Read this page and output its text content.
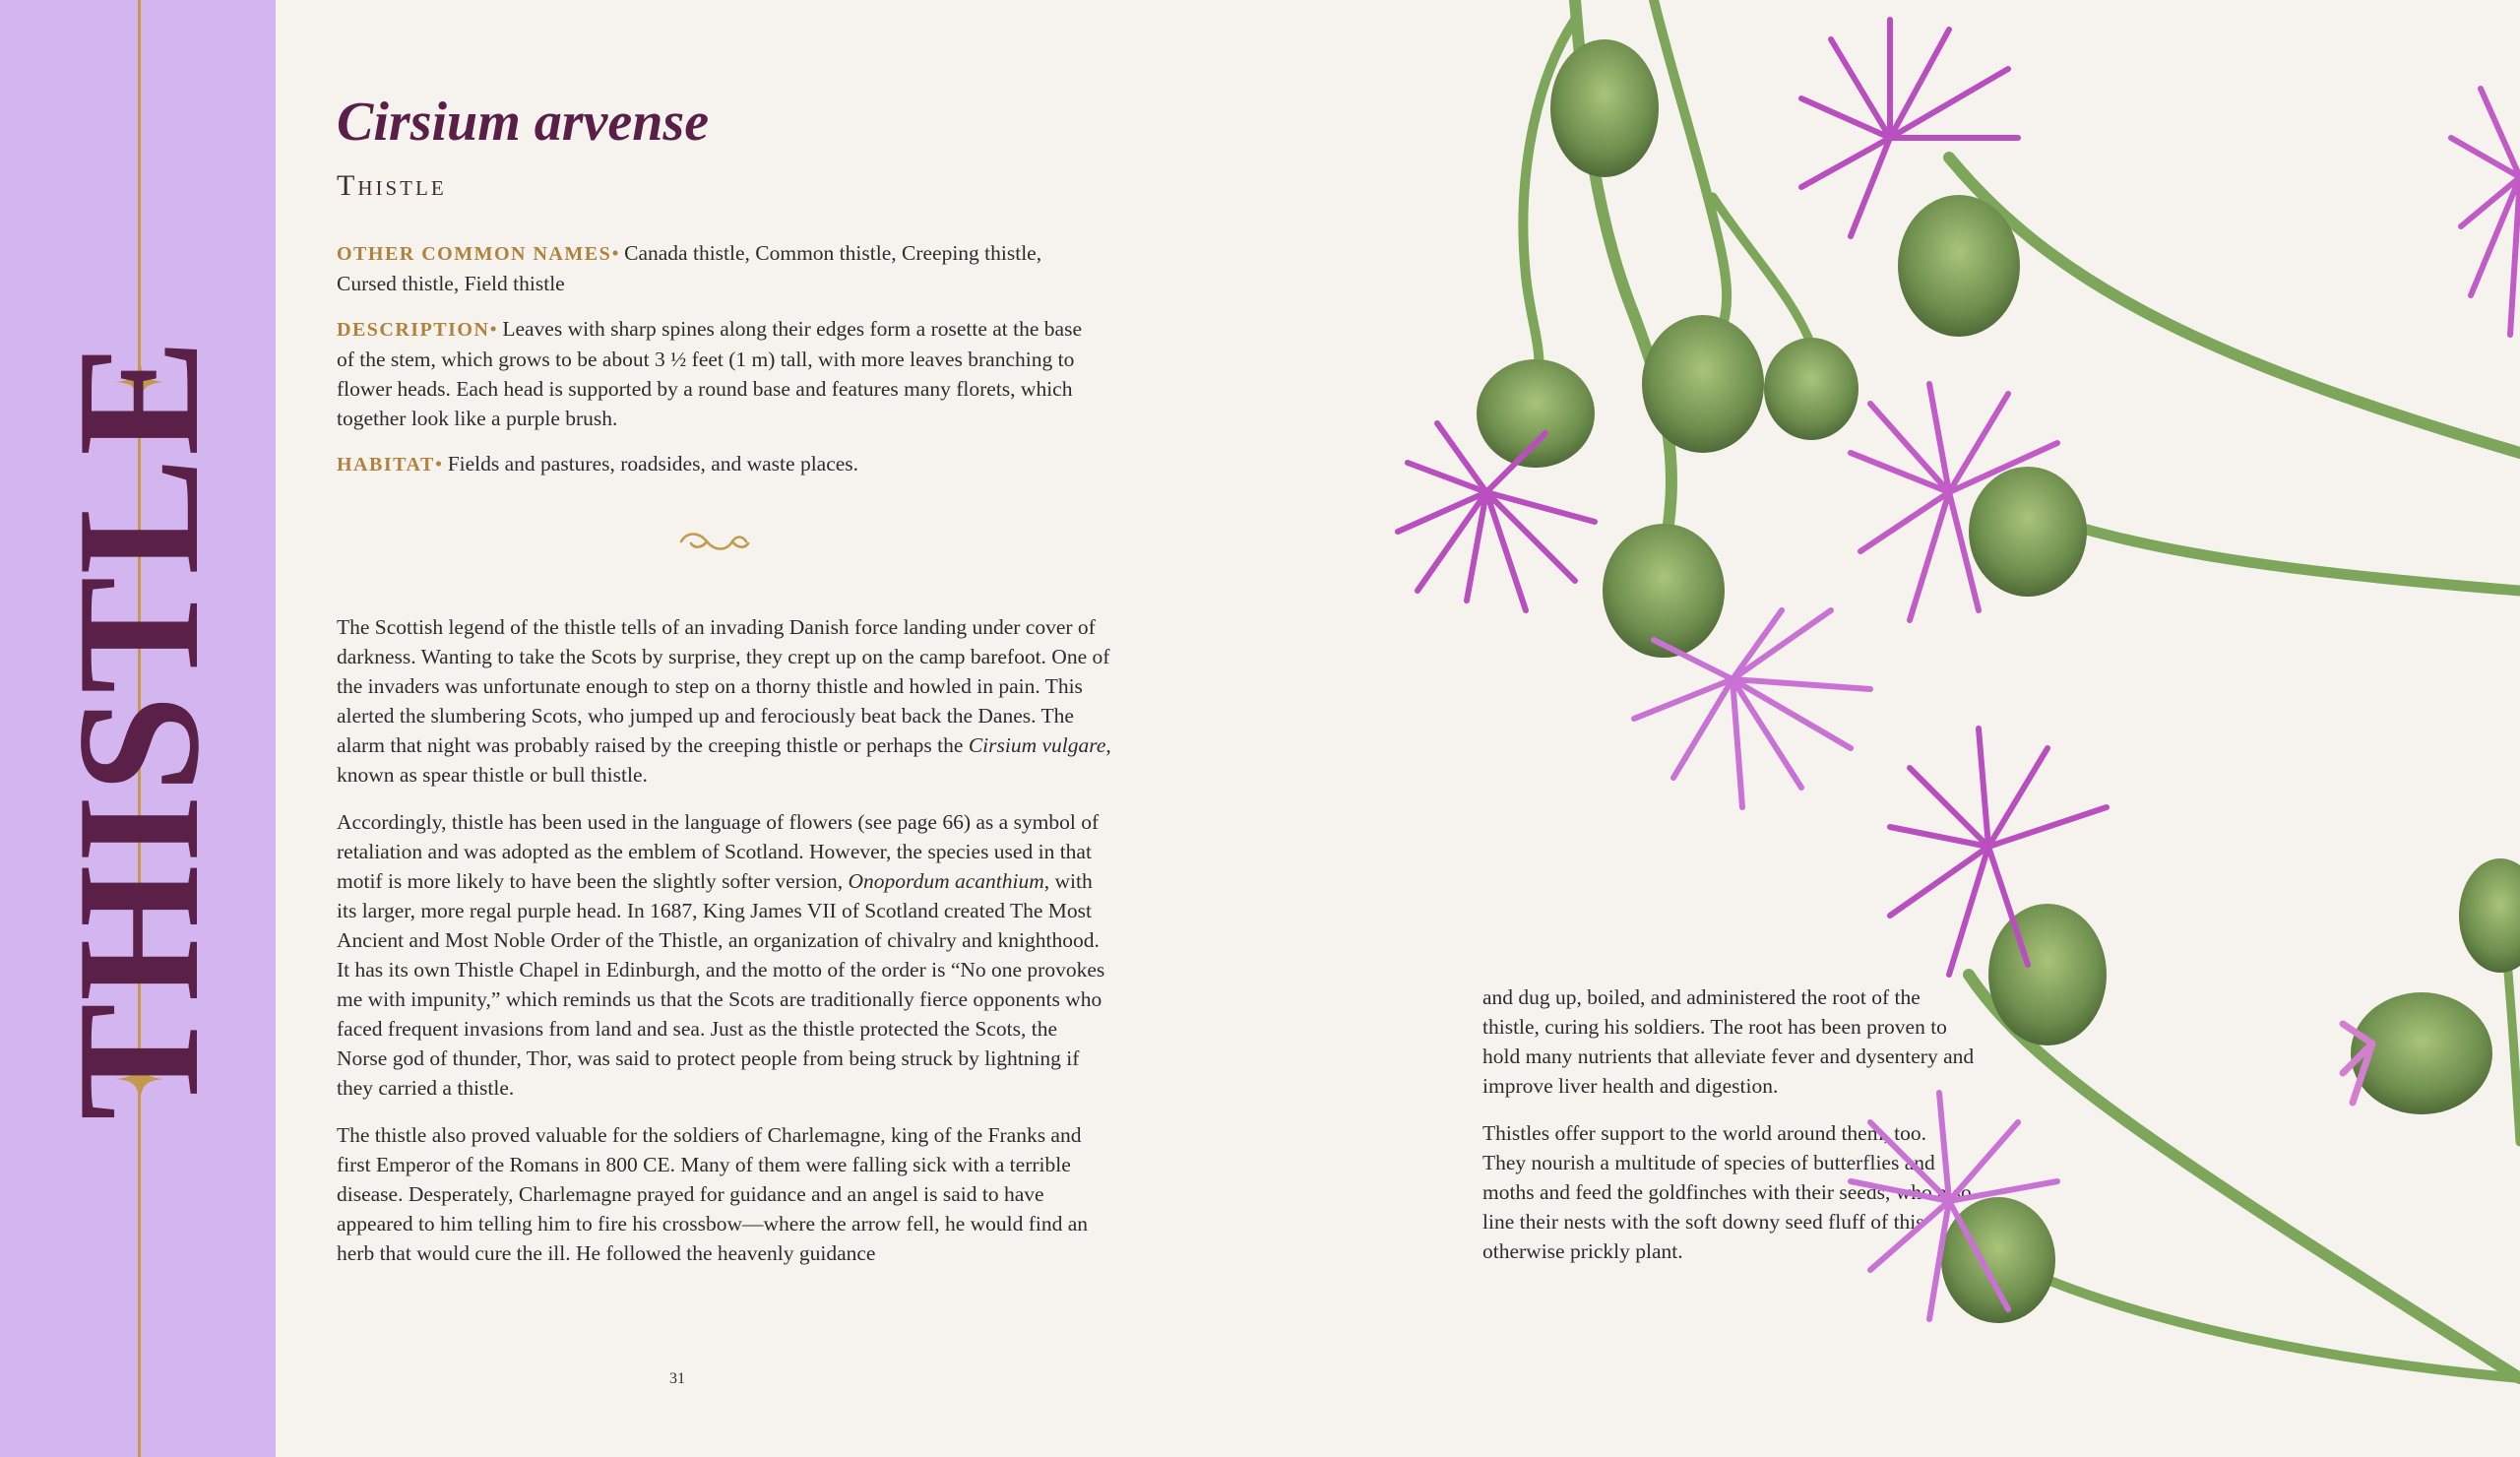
THISTLE
Cirsium arvense
Thistle

OTHER COMMON NAMES• Canada thistle, Common thistle, Creeping thistle, Cursed thistle, Field thistle

DESCRIPTION• Leaves with sharp spines along their edges form a rosette at the base of the stem, which grows to be about 3 ½ feet (1 m) tall, with more leaves branching to flower heads. Each head is supported by a round base and features many florets, which together look like a purple brush.

HABITAT• Fields and pastures, roadsides, and waste places.

The Scottish legend of the thistle tells of an invading Danish force landing under cover of darkness. Wanting to take the Scots by surprise, they crept up on the camp barefoot. One of the invaders was unfortunate enough to step on a thorny thistle and howled in pain. This alerted the slumbering Scots, who jumped up and ferociously beat back the Danes. The alarm that night was probably raised by the creeping thistle or perhaps the Cirsium vulgare, known as spear thistle or bull thistle.

Accordingly, thistle has been used in the language of flowers (see page 66) as a symbol of retaliation and was adopted as the emblem of Scotland. However, the species used in that motif is more likely to have been the slightly softer version, Onopordum acanthium, with its larger, more regal purple head. In 1687, King James VII of Scotland created The Most Ancient and Most Noble Order of the Thistle, an organization of chivalry and knighthood. It has its own Thistle Chapel in Edinburgh, and the motto of the order is “No one provokes me with impunity,” which reminds us that the Scots are traditionally fierce opponents who faced frequent invasions from land and sea. Just as the thistle protected the Scots, the Norse god of thunder, Thor, was said to protect people from being struck by lightning if they carried a thistle.

The thistle also proved valuable for the soldiers of Charlemagne, king of the Franks and first Emperor of the Romans in 800 CE. Many of them were falling sick with a terrible disease. Desperately, Charlemagne prayed for guidance and an angel is said to have appeared to him telling him to fire his crossbow—where the arrow fell, he would find an herb that would cure the ill. He followed the heavenly guidance

31

and dug up, boiled, and administered the root of the thistle, curing his soldiers. The root has been proven to hold many nutrients that alleviate fever and dysentery and improve liver health and digestion.

Thistles offer support to the world around them, too. They nourish a multitude of species of butterflies and moths and feed the goldfinches with their seeds, who also line their nests with the soft downy seed fluff of this otherwise prickly plant.
